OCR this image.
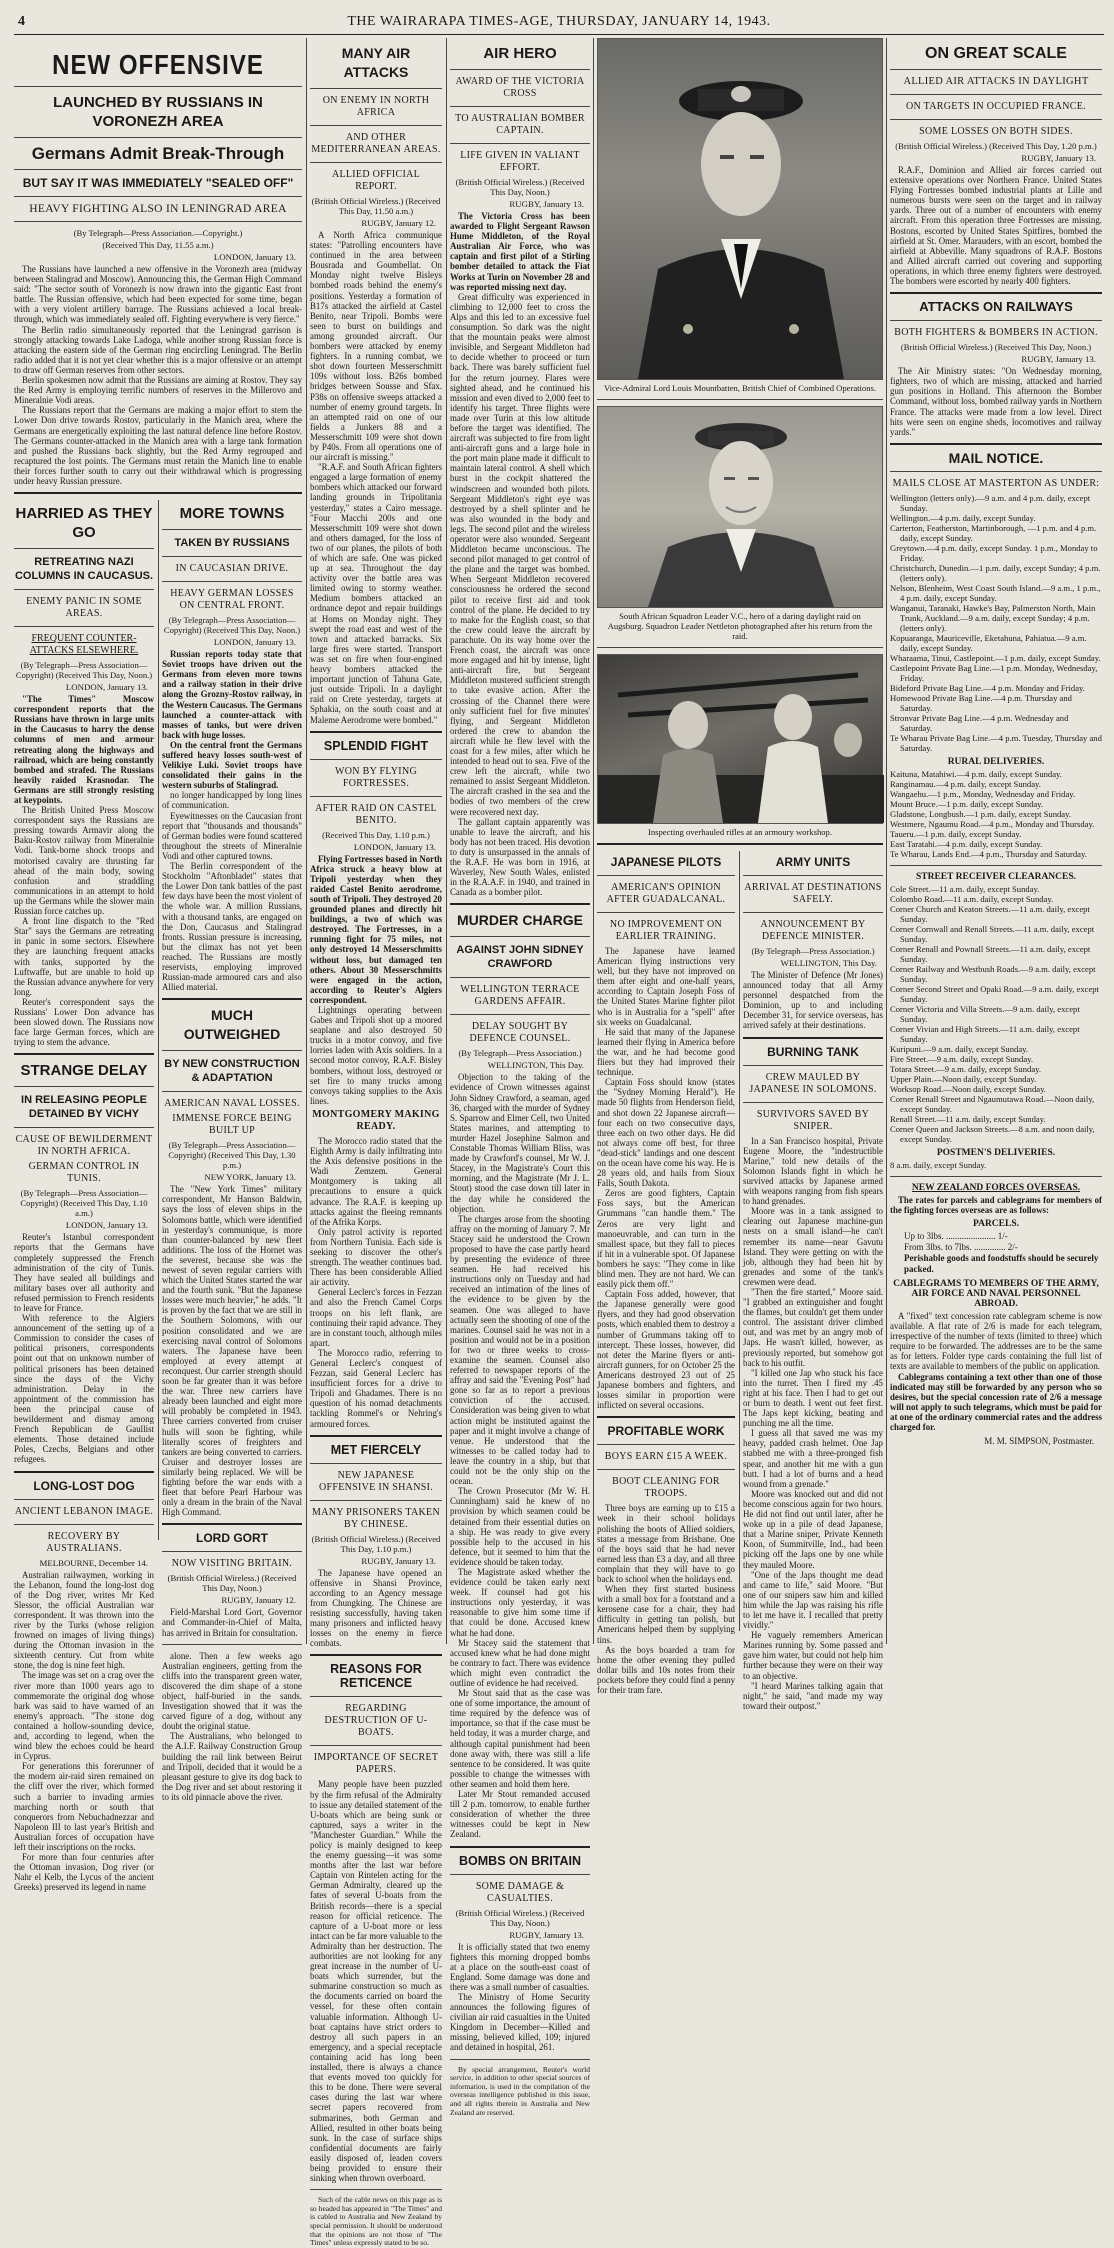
4	THE WAIRARAPA TIMES-AGE, THURSDAY, JANUARY 14, 1943.
NEW OFFENSIVE
LAUNCHED BY RUSSIANS IN VORONEZH AREA
Germans Admit Break-Through
BUT SAY IT WAS IMMEDIATELY "SEALED OFF"
HEAVY FIGHTING ALSO IN LENINGRAD AREA
(By Telegraph—Press Association.—Copyright.)
(Received This Day, 11.55 a.m.)
LONDON, January 13.

The Russians have launched a new offensive in the Voronezh area (midway between Stalingrad and Moscow). Announcing this, the German High Command said: "The sector south of Voronezh is now drawn into the gigantic East front battle. The Russian offensive, which had been expected for some time, began with a very violent artillery barrage. The Russians achieved a local break-through, which was immediately sealed off. Fighting everywhere is very fierce."

The Berlin radio simultaneously reported that the Leningrad garrison is strongly attacking towards Lake Ladoga, while another strong Russian force is attacking the eastern side of the German ring encircling Leningrad. The Berlin radio added that it is not yet clear whether this is a major offensive or an attempt to draw off German reserves from other sectors.

Berlin spokesmen now admit that the Russians are aiming at Rostov. They say the Red Army is employing terrific numbers of reserves in the Millerovo and Mineralnie Vodi areas.

The Russians report that the Germans are making a major effort to stem the Lower Don drive towards Rostov, particularly in the Manich area, where the Germans are energetically exploiting the last natural defence line before Rostov. The Germans counter-attacked in the Manich area with a large tank formation and pushed the Russians back slightly, but the Red Army regrouped and recaptured the lost points. The Germans must retain the Manich line to enable their forces further south to carry out their withdrawal which is progressing under heavy Russian pressure.

HARRIED AS THEY GO
RETREATING NAZI COLUMNS IN CAUCASUS.
ENEMY PANIC IN SOME AREAS.
FREQUENT COUNTER-ATTACKS ELSEWHERE.
(By Telegraph—Press Association—Copyright) (Received This Day, Noon.)
LONDON, January 13.

"The Times" Moscow correspondent reports that the Russians have thrown in large units in the Caucasus to harry the dense columns of men and armour retreating along the highways and railroad, which are being constantly bombed and strafed. The Russians heavily raided Krasnodar. The Germans are still strongly resisting at keypoints.

The British United Press Moscow correspondent says the Russians are pressing towards Armavir along the Baku-Rostov railway from Mineralnie Vodi. Tank-borne shock troops and motorised cavalry are thrusting far ahead of the main body, sowing confusion and straddling communications in an attempt to hold up the Germans while the slower main Russian force catches up.

A front line dispatch to the "Red Star" says the Germans are retreating in panic in some sectors. Elsewhere they are launching frequent attacks with tanks, supported by the Luftwaffe, but are unable to hold up the Russian advance anywhere for very long.

Reuter's correspondent says the Russians' Lower Don advance has been slowed down. The Russians now face large German forces, which are trying to stem the advance.

STRANGE DELAY
IN RELEASING PEOPLE DETAINED BY VICHY
CAUSE OF BEWILDERMENT IN NORTH AFRICA.
GERMAN CONTROL IN TUNIS.
(By Telegraph—Press Association—Copyright) (Received This Day, 1.10 a.m.)
LONDON, January 13.

Reuter's Istanbul correspondent reports that the Germans have completely suppressed the French administration of the city of Tunis. They have sealed all buildings and military bases over all authority and refused permission to French residents to leave for France.

With reference to the Algiers announcement of the setting up of a Commission to consider the cases of political prisoners, correspondents point out that on unknown number of political prisoners has been detained since the days of the Vichy administration. Delay in the appointment of the commission has been the principal cause of bewilderment and dismay among French Republican de Gaullist elements. Those detained include Poles, Czechs, Belgians and other refugees.

LONG-LOST DOG
ANCIENT LEBANON IMAGE.
RECOVERY BY AUSTRALIANS.
MELBOURNE, December 14.

Australian railwaymen, working in the Lebanon, found the long-lost dog of the Dog river, writes Mr Ked Slessor, the official Australian war correspondent. It was thrown into the river by the Turks (whose religion frowned on images of living things) during the Ottoman invasion in the sixteenth century. Cut from white stone, the dog is nine feet high.

The image was set on a crag over the river more than 1000 years ago to commemorate the original dog whose bark was said to have warned of an enemy's approach. "The stone dog contained a hollow-sounding device, and, according to legend, when the wind blew the echoes could be heard in Cyprus.

For generations this forerunner of the modern air-raid siren remained on the cliff over the river, which formed such a barrier to invading armies marching north or south that conquerors from Nebuchadnezzar and Napoleon III to last year's British and Australian forces of occupation have left their inscriptions on the rocks.

For more than four centuries after the Ottoman invasion, Dog river (or Nahr el Kelb, the Lycus of the ancient Greeks) preserved its legend in name

MORE TOWNS
TAKEN BY RUSSIANS
IN CAUCASIAN DRIVE.
HEAVY GERMAN LOSSES ON CENTRAL FRONT.
(By Telegraph—Press Association—Copyright) (Received This Day, Noon.)
LONDON, January 13.

Russian reports today state that Soviet troops have driven out the Germans from eleven more towns and a railway station in their drive along the Grozny-Rostov railway, in the Western Caucasus. The Germans launched a counter-attack with masses of tanks, but were driven back with huge losses.

On the central front the Germans suffered heavy losses south-west of Velikiye Luki. Soviet troops have consolidated their gains in the western suburbs of Stalingrad.

no longer handicapped by long lines of communication.

Eyewitnesses on the Caucasian front report that "thousands and thousands" of German bodies were found scattered throughout the streets of Mineralnie Vodi and other captured towns.

The Berlin correspondent of the Stockholm "Aftonbladet" states that the Lower Don tank battles of the past few days have been the most violent of the whole war. A million Russians, with a thousand tanks, are engaged on the Don, Caucasus and Stalingrad fronts. Russian pressure is increasing, but the climax has not yet been reached. The Russians are mostly reservists, employing improved Russian-made armoured cars and also Allied material.

MUCH OUTWEIGHED
BY NEW CONSTRUCTION & ADAPTATION
AMERICAN NAVAL LOSSES.
IMMENSE FORCE BEING BUILT UP
(By Telegraph—Press Association—Copyright) (Received This Day, 1.30 p.m.)
NEW YORK, January 13.

The "New York Times" military correspondent, Mr Hanson Baldwin, says the loss of eleven ships in the Solomons battle, which were identified in yesterday's communique, is more than counter-balanced by new fleet additions. The loss of the Hornet was the severest, because she was the newest of seven regular carriers with which the United States started the war and the fourth sunk. "But the Japanese losses were much heavier," he adds. "It is proven by the fact that we are still in the Southern Solomons, with our position consolidated and we are exercising naval control of Solomons waters. The Japanese have been employed at every attempt at reconquest. Our carrier strength should soon be far greater than it was before the war. Three new carriers have already been launched and eight more will probably be completed in 1943. Three carriers converted from cruiser hulls will soon be fighting, while literally scores of freighters and tankers are being converted to carriers. Cruiser and destroyer losses are similarly being replaced. We will be fighting before the war ends with a fleet that before Pearl Harbour was only a dream in the brain of the Naval High Command.

LORD GORT
NOW VISITING BRITAIN.
(British Official Wireless.) (Received This Day, Noon.)
RUGBY, January 12.

Field-Marshal Lord Gort, Governor and Commander-in-Chief of Malta, has arrived in Britain for consultation.

alone. Then a few weeks ago Australian engineers, getting from the cliffs into the transparent green water, discovered the dim shape of a stone object, half-buried in the sands. Investigation showed that it was the carved figure of a dog, without any doubt the original statue.

The Australians, who belonged to the A.I.F. Railway Construction Group building the rail link between Beirut and Tripoli, decided that it would be a pleasant gesture to give its dog back to the Dog river and set about restoring it to its old pinnacle above the river.

MANY AIR ATTACKS
ON ENEMY IN NORTH AFRICA
AND OTHER MEDITERRANEAN AREAS.
ALLIED OFFICIAL REPORT.
(British Official Wireless.) (Received This Day, 11.50 a.m.)
RUGBY, January 12.

A North Africa communique states: "Patrolling encounters have continued in the area between Bousrada and Goumbellat. On Monday night twelve Bisleys bombed roads behind the enemy's positions. Yesterday a formation of B17s attacked the airfield at Castel Benito, near Tripoli. Bombs were seen to burst on buildings and among grounded aircraft. Our bombers were attacked by enemy fighters. In a running combat, we shot down fourteen Messerschmitt 109s without loss. B26s bombed bridges between Sousse and Sfax. P38s on offensive sweeps attacked a number of enemy ground targets. In an attempted raid on one of our fields a Junkers 88 and a Messerschmitt 109 were shot down by P40s. From all operations one of our aircraft is missing."

"R.A.F. and South African fighters engaged a large formation of enemy bombers which attacked our forward landing grounds in Tripolitania yesterday," states a Cairo message. "Four Macchi 200s and one Messerschmitt 109 were shot down and others damaged, for the loss of two of our planes, the pilots of both of which are safe. One was picked up at sea. Throughout the day activity over the battle area was limited owing to stormy weather. Medium bombers attacked an ordnance depot and repair buildings at Homs on Monday night. They swept the road east and west of the town and attacked barracks. Six large fires were started. Transport was set on fire when four-engined heavy bombers attacked the important junction of Tahuna Gate, just outside Tripoli. In a daylight raid on Crete yesterday, targets at Sphakia, on the south coast and at Maleme Aerodrome were bombed."

SPLENDID FIGHT
WON BY FLYING FORTRESSES.
AFTER RAID ON CASTEL BENITO.
(Received This Day, 1.10 p.m.)
LONDON, January 13.

Flying Fortresses based in North Africa struck a heavy blow at Tripoli yesterday when they raided Castel Benito aerodrome, south of Tripoli. They destroyed 20 grounded planes and directly hit buildings, a two of which was destroyed. The Fortresses, in a running fight for 75 miles, not only destroyed 14 Messerschmitts without loss, but damaged ten others. About 30 Messerschmitts were engaged in the action, according to Reuter's Algiers correspondent.

Lightnings operating between Gabes and Tripoli shot up a moored seaplane and also destroyed 50 trucks in a motor convoy, and five lorries laden with Axis soldiers. In a second motor convoy, R.A.F. Bisley bombers, without loss, destroyed or set fire to many trucks among convoys taking supplies to the Axis lines.

MONTGOMERY MAKING READY.

The Morocco radio stated that the Eighth Army is daily infiltrating into the Axis defensive positions in the Wadi Zemzem. General Montgomery is taking all precautions to ensure a quick advance. The R.A.F. is keeping up attacks against the fleeing remnants of the Afrika Korps.

Only patrol activity is reported from Northern Tunisia. Each side is seeking to discover the other's strength. The weather continues bad. There has been considerable Allied air activity.

General Leclerc's forces in Fezzan and also the French Camel Corps troops on his left flank, are continuing their rapid advance. They are in constant touch, although miles apart.

The Morocco radio, referring to General Leclerc's conquest of Fezzan, said General Leclerc has insufficient forces for a drive to Tripoli and Ghadames. There is no question of his nomad detachments tackling Rommel's or Nehring's armoured forces.

MET FIERCELY
NEW JAPANESE OFFENSIVE IN SHANSI.
MANY PRISONERS TAKEN BY CHINESE.
(British Official Wireless.) (Received This Day, 1.10 p.m.)
RUGBY, January 13.

The Japanese have opened an offensive in Shansi Province, according to an Agency message from Chungking. The Chinese are resisting successfully, having taken many prisoners and inflicted heavy losses on the enemy in fierce combats.

REASONS FOR RETICENCE
REGARDING DESTRUCTION OF U-BOATS.
IMPORTANCE OF SECRET PAPERS.

Many people have been puzzled by the firm refusal of the Admiralty to issue any detailed statement of the U-boats which are being sunk or captured, says a writer in the "Manchester Guardian." While the policy is mainly designed to keep the enemy guessing—it was some months after the last war before Captain von Rintelen acting for the German Admiralty, cleared up the fates of several U-boats from the British records—there is a special reason for official reticence. The capture of a U-boat more or less intact can be far more valuable to the Admiralty than her destruction. The authorities are not looking for any great increase in the number of U-boats which surrender, but the submarine construction so much as the documents carried on board the vessel, for these often contain valuable information. Although U-boat captains have strict orders to destroy all such papers in an emergency, and a special receptacle containing acid has long been installed, there is always a chance that events moved too quickly for this to be done. There were several cases during the last war where secret papers recovered from submarines, both German and Allied, resulted in other boats being sunk. In the case of surface ships confidential documents are fairly easily disposed of, leaden covers being provided to ensure their sinking when thrown overboard.

Such of the cable news on this page as is so headed has appeared in "The Times" and is cabled to Australia and New Zealand by special permission. It should be understood that the opinions are not those of "The Times" unless expressly stated to be so.

AIR HERO
AWARD OF THE VICTORIA CROSS
TO AUSTRALIAN BOMBER CAPTAIN.
LIFE GIVEN IN VALIANT EFFORT.
(British Official Wireless.) (Received This Day, Noon.)
RUGBY, January 13.

The Victoria Cross has been awarded to Flight Sergeant Rawson Hume Middleton, of the Royal Australian Air Force, who was captain and first pilot of a Stirling bomber detailed to attack the Fiat Works at Turin on November 28 and was reported missing next day.

Great difficulty was experienced in climbing to 12,000 feet to cross the Alps and this led to an excessive fuel consumption. So dark was the night that the mountain peaks were almost invisible, and Sergeant Middleton had to decide whether to proceed or turn back. There was barely sufficient fuel for the return journey. Flares were sighted ahead, and he continued his mission and even dived to 2,000 feet to identify his target. Three flights were made over Turin at this low altitude before the target was identified. The aircraft was subjected to fire from light anti-aircraft guns and a large hole in the port main plane made it difficult to maintain lateral control. A shell which burst in the cockpit shattered the windscreen and wounded both pilots. Sergeant Middleton's right eye was destroyed by a shell splinter and he was also wounded in the body and legs. The second pilot and the wireless operator were also wounded. Sergeant Middleton became unconscious. The second pilot managed to get control of the plane and the target was bombed. When Sergeant Middleton recovered consciousness he ordered the second pilot to receive first aid and took control of the plane. He decided to try to make for the English coast, so that the crew could leave the aircraft by parachute. On its way home over the French coast, the aircraft was once more engaged and hit by intense, light anti-aircraft fire, but Sergeant Middleton mustered sufficient strength to take evasive action. After the crossing of the Channel there were only sufficient fuel for five minutes' flying, and Sergeant Middleton ordered the crew to abandon the aircraft while he flew level with the coast for a few miles, after which he intended to head out to sea. Five of the crew left the aircraft, while two remained to assist Sergeant Middleton. The aircraft crashed in the sea and the bodies of two members of the crew were recovered next day.

The gallant captain apparently was unable to leave the aircraft, and his body has not been traced. His devotion to duty is unsurpassed in the annals of the R.A.F. He was born in 1916, at Waverley, New South Wales, enlisted in the R.A.A.F. in 1940, and trained in Canada as a bomber pilot.

MURDER CHARGE
AGAINST JOHN SIDNEY CRAWFORD
WELLINGTON TERRACE GARDENS AFFAIR.
DELAY SOUGHT BY DEFENCE COUNSEL.
(By Telegraph—Press Association.)
WELLINGTON, This Day.

Objection to the taking of the evidence of Crown witnesses against John Sidney Crawford, a seaman, aged 36, charged with the murder of Sydney S. Sparrow and Elmer Cell, two United States marines, and attempting to murder Hazel Josephine Salmon and Constable Thomas William Bliss, was made by Crawford's counsel, Mr W. J. Stacey, in the Magistrate's Court this morning, and the Magistrate (Mr J. L. Stout) stood the case down till later in the day while he considered the objection.

The charges arose from the shooting affray on the morning of January 7. Mr Stacey said he understood the Crown proposed to have the case partly heard by presenting the evidence of three seamen. He had received his instructions only on Tuesday and had received an intimation of the lines of the evidence to be given by the seamen. One was alleged to have actually seen the shooting of one of the marines. Counsel said he was not in a position and would not be in a position for two or three weeks to cross-examine the seamen. Counsel also referred to newspaper reports of the affray and said the "Evening Post" had gone so far as to report a previous conviction of the accused. Consideration was being given to what action might be instituted against the paper and it might involve a change of venue. He understood that the witnesses to be called today had to leave the country in a ship, but that could not be the only ship on the ocean.

The Crown Prosecutor (Mr W. H. Cunningham) said he knew of no provision by which seamen could be detained from their essential duties on a ship. He was ready to give every possible help to the accused in his defence, but it seemed to him that the evidence should be taken today.

The Magistrate asked whether the evidence could be taken early next week. If counsel had got his instructions only yesterday, it was reasonable to give him some time if that could be done. Accused knew what he had done.

Mr Stacey said the statement that accused knew what he had done might be contrary to fact. There was evidence which might even contradict the outline of evidence he had received.

Mr Stout said that as the case was one of some importance, the amount of time required by the defence was of importance, so that if the case must be held today, it was a murder charge, and although capital punishment had been done away with, there was still a life sentence to be considered. It was quite possible to change the witnesses with other seamen and hold them here.

Later Mr Stout remanded accused till 2 p.m. tomorrow, to enable further consideration of whether the three witnesses could be kept in New Zealand.

BOMBS ON BRITAIN
SOME DAMAGE & CASUALTIES.
(British Official Wireless.) (Received This Day, Noon.)
RUGBY, January 13.

It is officially stated that two enemy fighters this morning dropped bombs at a place on the south-east coast of England. Some damage was done and there was a small number of casualties.

The Ministry of Home Security announces the following figures of civilian air raid casualties in the United Kingdom in December—Killed and missing, believed killed, 109; injured and detained in hospital, 261.

By special arrangement, Reuter's world service, in addition to other special sources of information, is used in the compilation of the overseas intelligence published in this issue, and all rights therein in Australia and New Zealand are reserved.

Vice-Admiral Lord Louis Mountbatten, British Chief of Combined Operations.
South African Squadron Leader V.C., hero of a daring daylight raid on Augsburg. Squadron Leader Nettleton photographed after his return from the raid.
Inspecting overhauled rifles at an armoury workshop.
JAPANESE PILOTS
AMERICAN'S OPINION AFTER GUADALCANAL.
NO IMPROVEMENT ON EARLIER TRAINING.

The Japanese have learned American flying instructions very well, but they have not improved on them after eight and one-half years, according to Captain Joseph Foss of the United States Marine fighter pilot who is in Australia for a "spell" after six weeks on Guadalcanal.

He said that many of the Japanese learned their flying in America before the war, and he had become good fliers but they had improved their technique.

Captain Foss should know (states the "Sydney Morning Herald"). He made 50 flights from Henderson field, and shot down 22 Japanese aircraft—four each on two consecutive days, three each on two other days. He did not always come off best, for three "dead-stick" landings and one descent on the ocean have come his way. He is 28 years old, and hails from Sioux Falls, South Dakota.

Zeros are good fighters, Captain Foss says, but the American Grummans "can handle them." The Zeros are very light and manoeuvrable, and can turn in the smallest space, but they fall to pieces if hit in a vulnerable spot. Of Japanese bombers he says: "They come in like blind men. They are not hard. We can easily pick them off."

Captain Foss added, however, that the Japanese generally were good flyers, and they had good observation posts, which enabled them to destroy a number of Grummans taking off to intercept. These losses, however, did not deter the Marine flyers or anti-aircraft gunners, for on October 25 the Americans destroyed 23 out of 25 Japanese bombers and fighters, and losses similar in proportion were inflicted on several occasions.

PROFITABLE WORK
BOYS EARN £15 A WEEK.
BOOT CLEANING FOR TROOPS.

Three boys are earning up to £15 a week in their school holidays polishing the boots of Allied soldiers, states a message from Brisbane. One of the boys said that he had never earned less than £3 a day, and all three complain that they will have to go back to school when the holidays end.

When they first started business with a small box for a footstand and a kerosene case for a chair, they had difficulty in getting tan polish, but Americans helped them by supplying tins.

As the boys boarded a tram for home the other evening they pulled dollar bills and 10s notes from their pockets before they could find a penny for their tram fare.

ARMY UNITS
ARRIVAL AT DESTINATIONS SAFELY.
ANNOUNCEMENT BY DEFENCE MINISTER.
(By Telegraph—Press Association.)
WELLINGTON, This Day.

The Minister of Defence (Mr Jones) announced today that all Army personnel despatched from the Dominion, up to and including December 31, for service overseas, has arrived safely at their destinations.

BURNING TANK
CREW MAULED BY JAPANESE IN SOLOMONS.
SURVIVORS SAVED BY SNIPER.

In a San Francisco hospital, Private Eugene Moore, the "indestructible Marine," told new details of the Solomon Islands fight in which he survived attacks by Japanese armed with weapons ranging from fish spears to hand grenades.

Moore was in a tank assigned to clearing out Japanese machine-gun nests on a small island—he can't remember its name—near Gavutu Island. They were getting on with the job, although they had been hit by grenades and some of the tank's crewmen were dead.

"Then the fire started," Moore said. "I grabbed an extinguisher and fought the flames, but couldn't get them under control. The assistant driver climbed out, and was met by an angry mob of Japs. He wasn't killed, however, as previously reported, but somehow got back to his outfit.

"I killed one Jap who stuck his face into the turret. Then I fired my .45 right at his face. Then I had to get out or burn to death. I went out feet first. The Japs kept kicking, beating and punching me all the time.

I guess all that saved me was my heavy, padded crash helmet. One Jap stabbed me with a three-pronged fish spear, and another hit me with a gun butt. I had a lot of burns and a head wound from a grenade."

Moore was knocked out and did not become conscious again for two hours. He did not find out until later, after he woke up in a pile of dead Japanese, that a Marine sniper, Private Kenneth Koon, of Summitville, Ind., had been picking off the Japs one by one while they mauled Moore.

"One of the Japs thought me dead and came to life," said Moore. "But one of our snipers saw him and killed him while the Jap was raising his rifle to let me have it. I recalled that pretty vividly."

He vaguely remembers American Marines running by. Some passed and gave him water, but could not help him further because they were on their way to an objective.

"I heard Marines talking again that night," he said, "and made my way toward their outpost."

ON GREAT SCALE
ALLIED AIR ATTACKS IN DAYLIGHT
ON TARGETS IN OCCUPIED FRANCE.
SOME LOSSES ON BOTH SIDES.
(British Official Wireless.) (Received This Day, 1.20 p.m.)
RUGBY, January 13.

R.A.F., Dominion and Allied air forces carried out extensive operations over Northern France. United States Flying Fortresses bombed industrial plants at Lille and numerous bursts were seen on the target and in railway yards. Three out of a number of encounters with enemy aircraft. From this operation three Fortresses are missing. Bostons, escorted by United States Spitfires, bombed the airfield at St. Omer. Marauders, with an escort, bombed the airfield at Abbeville. Many squadrons of R.A.F. Bostons and Allied aircraft carried out covering and supporting operations, in which three enemy fighters were destroyed. The bombers were escorted by nearly 400 fighters.

ATTACKS ON RAILWAYS
BOTH FIGHTERS & BOMBERS IN ACTION.
(British Official Wireless.) (Received This Day, Noon.)
RUGBY, January 13.

The Air Ministry states: "On Wednesday morning, fighters, two of which are missing, attacked and harried gun positions in Holland. This afternoon the Bomber Command, without loss, bombed railway yards in Northern France. The attacks were made from a low level. Direct hits were seen on engine sheds, locomotives and railway yards."

MAIL NOTICE.
MAILS CLOSE AT MASTERTON AS UNDER:

Wellington (letters only).—9 a.m. and 4 p.m. daily, except Sunday.

Wellington.—4 p.m. daily, except Sunday.

Carterton, Featherston, Martinborough, —1 p.m. and 4 p.m. daily, except Sunday.

Greytown.—4 p.m. daily, except Sunday. 1 p.m., Monday to Friday.

Christchurch, Dunedin.—1 p.m. daily, except Sunday; 4 p.m. (letters only).

Nelson, Blenheim, West Coast South Island.—9 a.m., 1 p.m., 4 p.m. daily, except Sunday.

Wanganui, Taranaki, Hawke's Bay, Palmerston North, Main Trunk, Auckland.—9 a.m. daily, except Sunday; 4 p.m. (letters only).

Kopuaranga, Mauriceville, Eketahuna, Pahiatua.—9 a.m. daily, except Sunday.

Wharaama, Tinui, Castlepoint.—1 p.m. daily, except Sunday.

Castlepoint Private Bag Line.—1 p.m. Monday, Wednesday, Friday.

Bideford Private Bag Line.—4 p.m. Monday and Friday.

Homewood Private Bag Line.—4 p.m. Thursday and Saturday.

Stronvar Private Bag Line.—4 p.m. Wednesday and Saturday.

Te Wharau Private Bag Line.—4 p.m. Tuesday, Thursday and Saturday.

RURAL DELIVERIES.

Kaituna, Matahiwi.—4 p.m. daily, except Sunday.

Ranginamau.—4 p.m. daily, except Sunday.

Wangaehu.—1 p.m., Monday, Wednesday and Friday.

Mount Bruce.—1 p.m. daily, except Sunday.

Gladstone, Longbush.—1 p.m. daily, except Sunday.

Westmere, Ngaumu Road.—4 p.m., Monday and Thursday.

Taueru.—1 p.m. daily, except Sunday.

East Taratahi.—4 p.m. daily, except Sunday.

Te Wharau, Lands End.—4 p.m., Thursday and Saturday.

STREET RECEIVER CLEARANCES.

Cole Street.—11 a.m. daily, except Sunday.

Colombo Road.—11 a.m. daily, except Sunday.

Corner Church and Keaton Streets.—11 a.m. daily, except Sunday.

Corner Cornwall and Renall Streets.—11 a.m. daily, except Sunday.

Corner Renall and Pownall Streets.—11 a.m. daily, except Sunday.

Corner Railway and Westbush Roads.—9 a.m. daily, except Sunday.

Corner Second Street and Opaki Road.—9 a.m. daily, except Sunday.

Corner Victoria and Villa Streets.—9 a.m. daily, except Sunday.

Corner Vivian and High Streets.—11 a.m. daily, except Sunday.

Kuripuni.—9 a.m. daily, except Sunday.

Fire Street.—9 a.m. daily, except Sunday.

Totara Street.—9 a.m. daily, except Sunday.

Upper Plain.—Noon daily, except Sunday.

Worksop Road.—Noon daily, except Sunday.

Corner Renall Street and Ngaumutawa Road.—Noon daily, except Sunday.

Renall Street.—11 a.m. daily, except Sunday.

Corner Queen and Jackson Streets.—8 a.m. and noon daily, except Sunday.

POSTMEN'S DELIVERIES.

8 a.m. daily, except Sunday.

NEW ZEALAND FORCES OVERSEAS.

The rates for parcels and cablegrams for members of the fighting forces overseas are as follows:

PARCELS.
Up to 3lbs. ...................... 1/-
From 3lbs. to 7lbs. .............. 2/-
Perishable goods and foodstuffs should be securely packed.
CABLEGRAMS TO MEMBERS OF THE ARMY, AIR FORCE AND NAVAL PERSONNEL ABROAD.

A "fixed" text concession rate cablegram scheme is now available. A flat rate of 2/6 is made for each telegram, irrespective of the number of texts (limited to three) which require to be forwarded. The addresses are to be the same as for letters. Folder type cards containing the full list of texts are available to members of the public on application.

Cablegrams containing a text other than one of those indicated may still be forwarded by any person who so desires, but the special concession rate of 2/6 a message will not apply to such telegrams, which must be paid for at one of the ordinary commercial rates and the address charged for.

M. M. SIMPSON, Postmaster.
